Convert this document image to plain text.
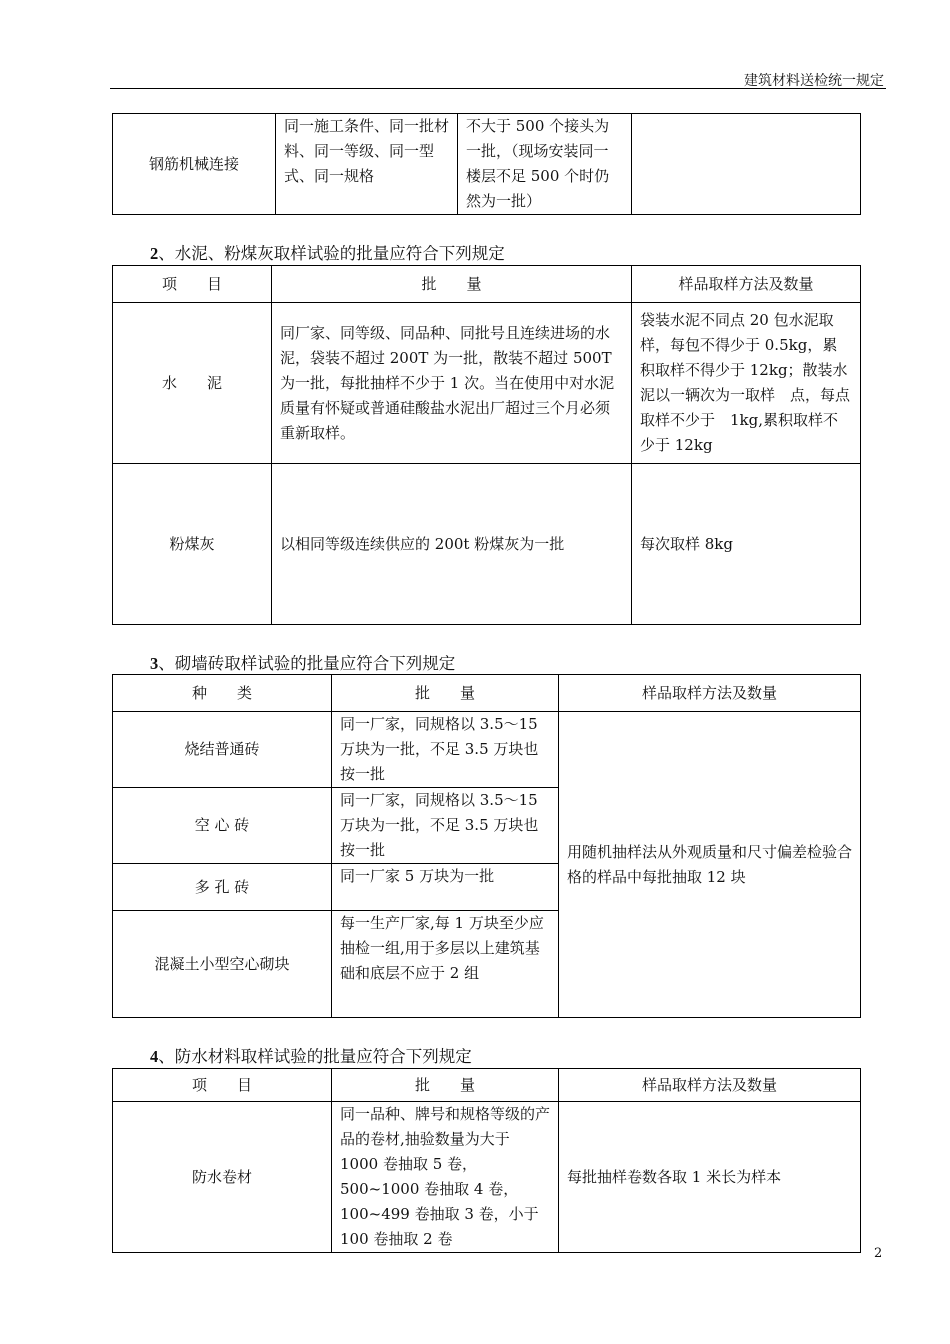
建筑材料送检统一规定
钢筋机械连接	同一施工条件、同一批材料、同一等级、同一型式、同一规格	不大于 500 个接头为一批，（现场安装同一楼层不足 500 个时仍然为一批）	
2、水泥、粉煤灰取样试验的批量应符合下列规定
项　　目	批　　量	样品取样方法及数量
水　　泥	同厂家、同等级、同品种、同批号且连续进场的水泥，袋装不超过 200T 为一批，散装不超过 500T 为一批，每批抽样不少于 1 次。当在使用中对水泥质量有怀疑或普通硅酸盐水泥出厂超过三个月必须重新取样。	袋装水泥不同点 20 包水泥取样，每包不得少于 0.5kg，累积取样不得少于 12kg；散装水泥以一辆次为一取样　点，每点取样不少于　1kg,累积取样不少于 12kg
粉煤灰	以相同等级连续供应的 200t 粉煤灰为一批	每次取样 8kg
3、砌墙砖取样试验的批量应符合下列规定
种　　类	批　　量	样品取样方法及数量
烧结普通砖	同一厂家，同规格以 3.5～15 万块为一批，不足 3.5 万块也按一批	用随机抽样法从外观质量和尺寸偏差检验合格的样品中每批抽取 12 块
空 心 砖	同一厂家，同规格以 3.5～15 万块为一批，不足 3.5 万块也按一批	
多 孔 砖	同一厂家 5 万块为一批	
混凝土小型空心砌块	每一生产厂家,每 1 万块至少应抽检一组,用于多层以上建筑基础和底层不应于 2 组	
4、防水材料取样试验的批量应符合下列规定
项　　目	批　　量	样品取样方法及数量
防水卷材	同一品种、牌号和规格等级的产品的卷材,抽验数量为大于 1000 卷抽取 5 卷，500~1000 卷抽取 4 卷，100~499 卷抽取 3 卷，小于 100 卷抽取 2 卷	每批抽样卷数各取 1 米长为样本
2
